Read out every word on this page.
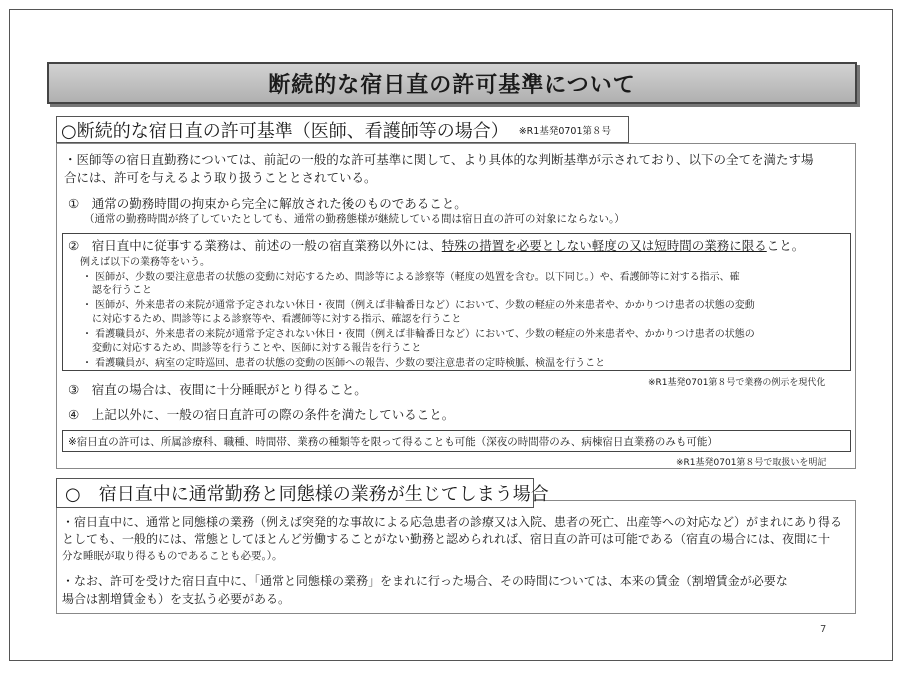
断続的な宿日直の許可基準について
○断続的な宿日直の許可基準（医師、看護師等の場合） ※R1基発0701第８号
・医師等の宿日直勤務については、前記の一般的な許可基準に関して、より具体的な判断基準が示されており、以下の全てを満たす場
合には、許可を与えるよう取り扱うこととされている。
①　通常の勤務時間の拘束から完全に解放された後のものであること。
（通常の勤務時間が終了していたとしても、通常の勤務態様が継続している間は宿日直の許可の対象にならない。）
②　宿日直中に従事する業務は、前述の一般の宿直業務以外には、特殊の措置を必要としない軽度の又は短時間の業務に限ること。
例えば以下の業務等をいう。
・ 医師が、少数の要注意患者の状態の変動に対応するため、問診等による診察等（軽度の処置を含む。以下同じ。）や、看護師等に対する指示、確
認を行うこと
・ 医師が、外来患者の来院が通常予定されない休日・夜間（例えば非輪番日など）において、少数の軽症の外来患者や、かかりつけ患者の状態の変動
に対応するため、問診等による診察等や、看護師等に対する指示、確認を行うこと
・ 看護職員が、外来患者の来院が通常予定されない休日・夜間（例えば非輪番日など）において、少数の軽症の外来患者や、かかりつけ患者の状態の
変動に対応するため、問診等を行うことや、医師に対する報告を行うこと
・ 看護職員が、病室の定時巡回、患者の状態の変動の医師への報告、少数の要注意患者の定時検脈、検温を行うこと
※R1基発0701第８号で業務の例示を現代化
③　宿直の場合は、夜間に十分睡眠がとり得ること。
④　上記以外に、一般の宿日直許可の際の条件を満たしていること。
※宿日直の許可は、所属診療科、職種、時間帯、業務の種類等を限って得ることも可能（深夜の時間帯のみ、病棟宿日直業務のみも可能）
※R1基発0701第８号で取扱いを明記
○　宿日直中に通常勤務と同態様の業務が生じてしまう場合
・宿日直中に、通常と同態様の業務（例えば突発的な事故による応急患者の診療又は入院、患者の死亡、出産等への対応など）がまれにあり得る
としても、一般的には、常態としてほとんど労働することがない勤務と認められれば、宿日直の許可は可能である（宿直の場合には、夜間に十
分な睡眠が取り得るものであることも必要。）。
・なお、許可を受けた宿日直中に、「通常と同態様の業務」をまれに行った場合、その時間については、本来の賃金（割増賃金が必要な
場合は割増賃金も）を支払う必要がある。
7
